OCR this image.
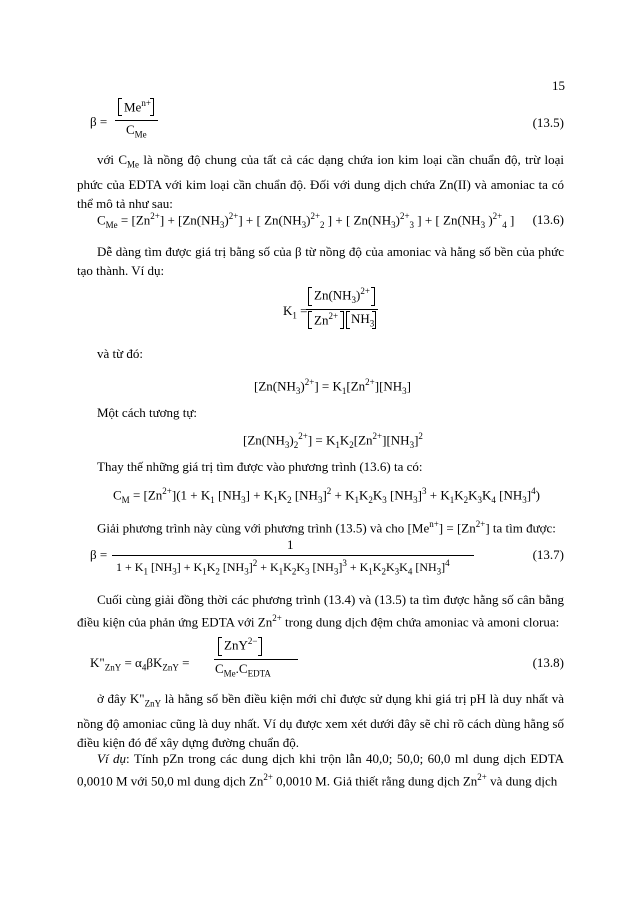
15
β =
$Me^{n+}$
$C_{Me}$
(13.5)
với $C_{Me}$ là nồng độ chung của tất cả các dạng chứa ion kim loại cần chuẩn độ, trừ loại phức của EDTA với kim loại cần chuẩn độ. Đối với dung dịch chứa Zn(II) và amoniac ta có thể mô tả như sau:
$C_{Me} = [Zn^{2+}] + [Zn(NH_3)^{2+}]$ + [ $Zn(NH_3)^{2+}_2$ ] + [ $Zn(NH_3)^{2+}_3$ ] + [ $Zn(NH_3$ )$^{2+}_4$ ] (13.6)
Dễ dàng tìm được giá trị bằng số của β từ nồng độ của amoniac và hằng số bền của phức tạo thành. Ví dụ:
$K_1$ =
$Zn(NH_3)^{2+}$
$Zn^{2+}$ $NH_3$
và từ đó:
$[Zn(NH_3)^{2+}] = K_1[Zn^{2+}][NH_3]$
Một cách tương tự:
$[Zn(NH_3)_2^{2+}] = K_1K_2[Zn^{2+}][NH_3]^2$
Thay thế những giá trị tìm được vào phương trình (13.6) ta có:
$C_M = [Zn^{2+}](1 + K_1$ $[NH_3] + K_1K_2$ $[NH_3]^2 + K_1K_2K_3$ $[NH_3]^3 + K_1K_2K_3K_4$ $[NH_3]^4$)
Giải phương trình này cùng với phương trình (13.5) và cho $[Me^{n+}] = [Zn^{2+}]$ ta tìm được:
β =
1
$1 + K_1$ $[NH_3] + K_1K_2$ $[NH_3]^2 + K_1K_2K_3$ $[NH_3]^3 + K_1K_2K_3K_4$ $[NH_3]^4$
(13.7)
Cuối cùng giải đồng thời các phương trình (13.4) và (13.5) ta tìm được hằng số cân bằng điều kiện của phản ứng EDTA với $Zn^{2+}$ trong dung dịch đệm chứa amoniac và amoni clorua:
$K"_{ZnY} = \alpha_4\beta K_{ZnY}$ =
ZnY$^{2-}$
$C_{Me}.C_{EDTA}$
(13.8)
ở đây $K"_{ZnY}$ là hằng số bền điều kiện mới chỉ được sử dụng khi giá trị pH là duy nhất và nồng độ amoniac cũng là duy nhất. Ví dụ được xem xét dưới đây sẽ chỉ rõ cách dùng hằng số điều kiện đó để xây dựng đường chuẩn độ.
Ví dụ: Tính pZn trong các dung dịch khi trộn lẫn 40,0; 50,0; 60,0 ml dung dịch EDTA 0,0010 M với 50,0 ml dung dịch $Zn^{2+}$ 0,0010 M. Giả thiết rằng dung dịch $Zn^{2+}$ và dung dịch
